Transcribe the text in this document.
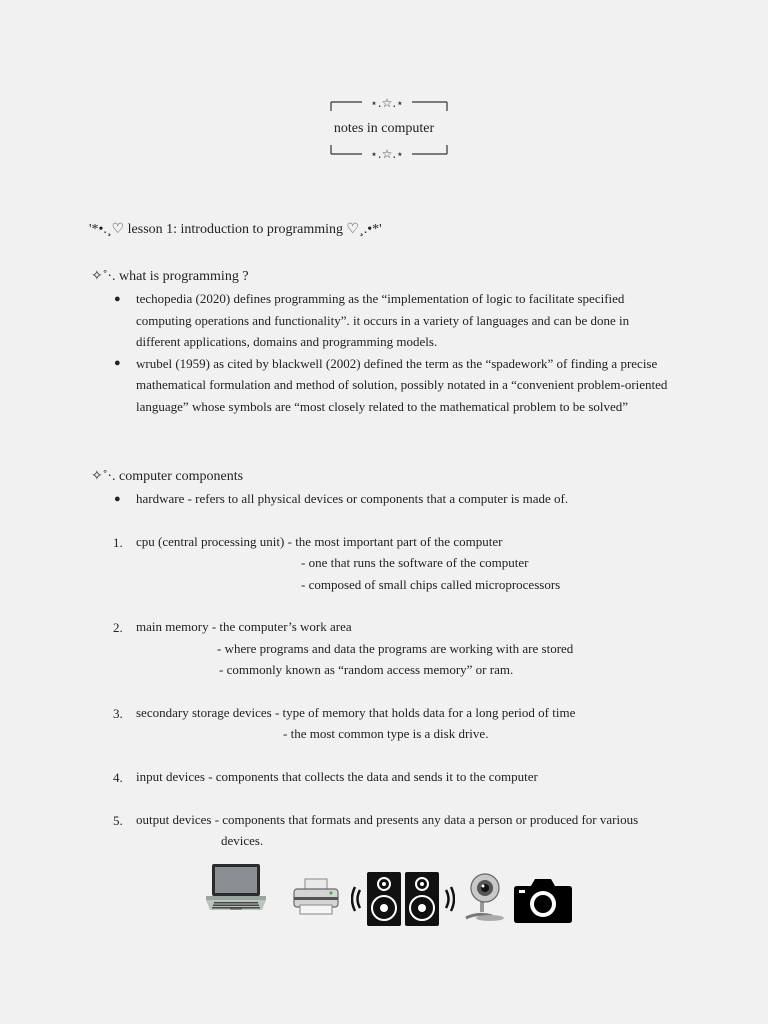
⋆.☆.⋆
notes in computer
⋆.☆.⋆
'*•.¸♡ lesson 1: introduction to programming ♡¸.•*'
✧˚·. what is programming ?
● techopedia (2020) defines programming as the “implementation of logic to facilitate specified
computing operations and functionality”. it occurs in a variety of languages and can be done in
different applications, domains and programming models.
● wrubel (1959) as cited by blackwell (2002) defined the term as the “spadework” of finding a precise
mathematical formulation and method of solution, possibly notated in a “convenient problem-oriented
language” whose symbols are “most closely related to the mathematical problem to be solved”
✧˚·. computer components
● hardware - refers to all physical devices or components that a computer is made of.
1. cpu (central processing unit) - the most important part of the computer
- one that runs the software of the computer
- composed of small chips called microprocessors
2. main memory - the computer’s work area
- where programs and data the programs are working with are stored
- commonly known as “random access memory” or ram.
3. secondary storage devices - type of memory that holds data for a long period of time
- the most common type is a disk drive.
4. input devices - components that collects the data and sends it to the computer
5. output devices - components that formats and presents any data a person or produced for various
devices.
